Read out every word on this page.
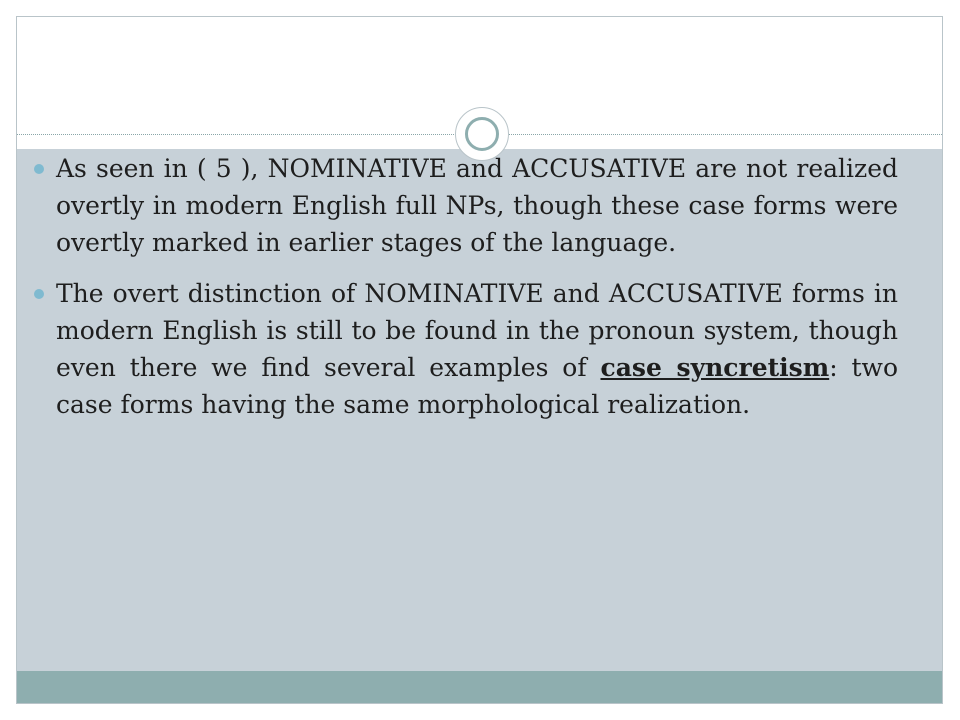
As seen in ( 5 ), NOMINATIVE and ACCUSATIVE are not realized overtly in modern English full NPs, though these case forms were overtly marked in earlier stages of the language.
The overt distinction of NOMINATIVE and ACCUSATIVE forms in modern English is still to be found in the pronoun system, though even there we find several examples of case syncretism: two case forms having the same morphological realization.
